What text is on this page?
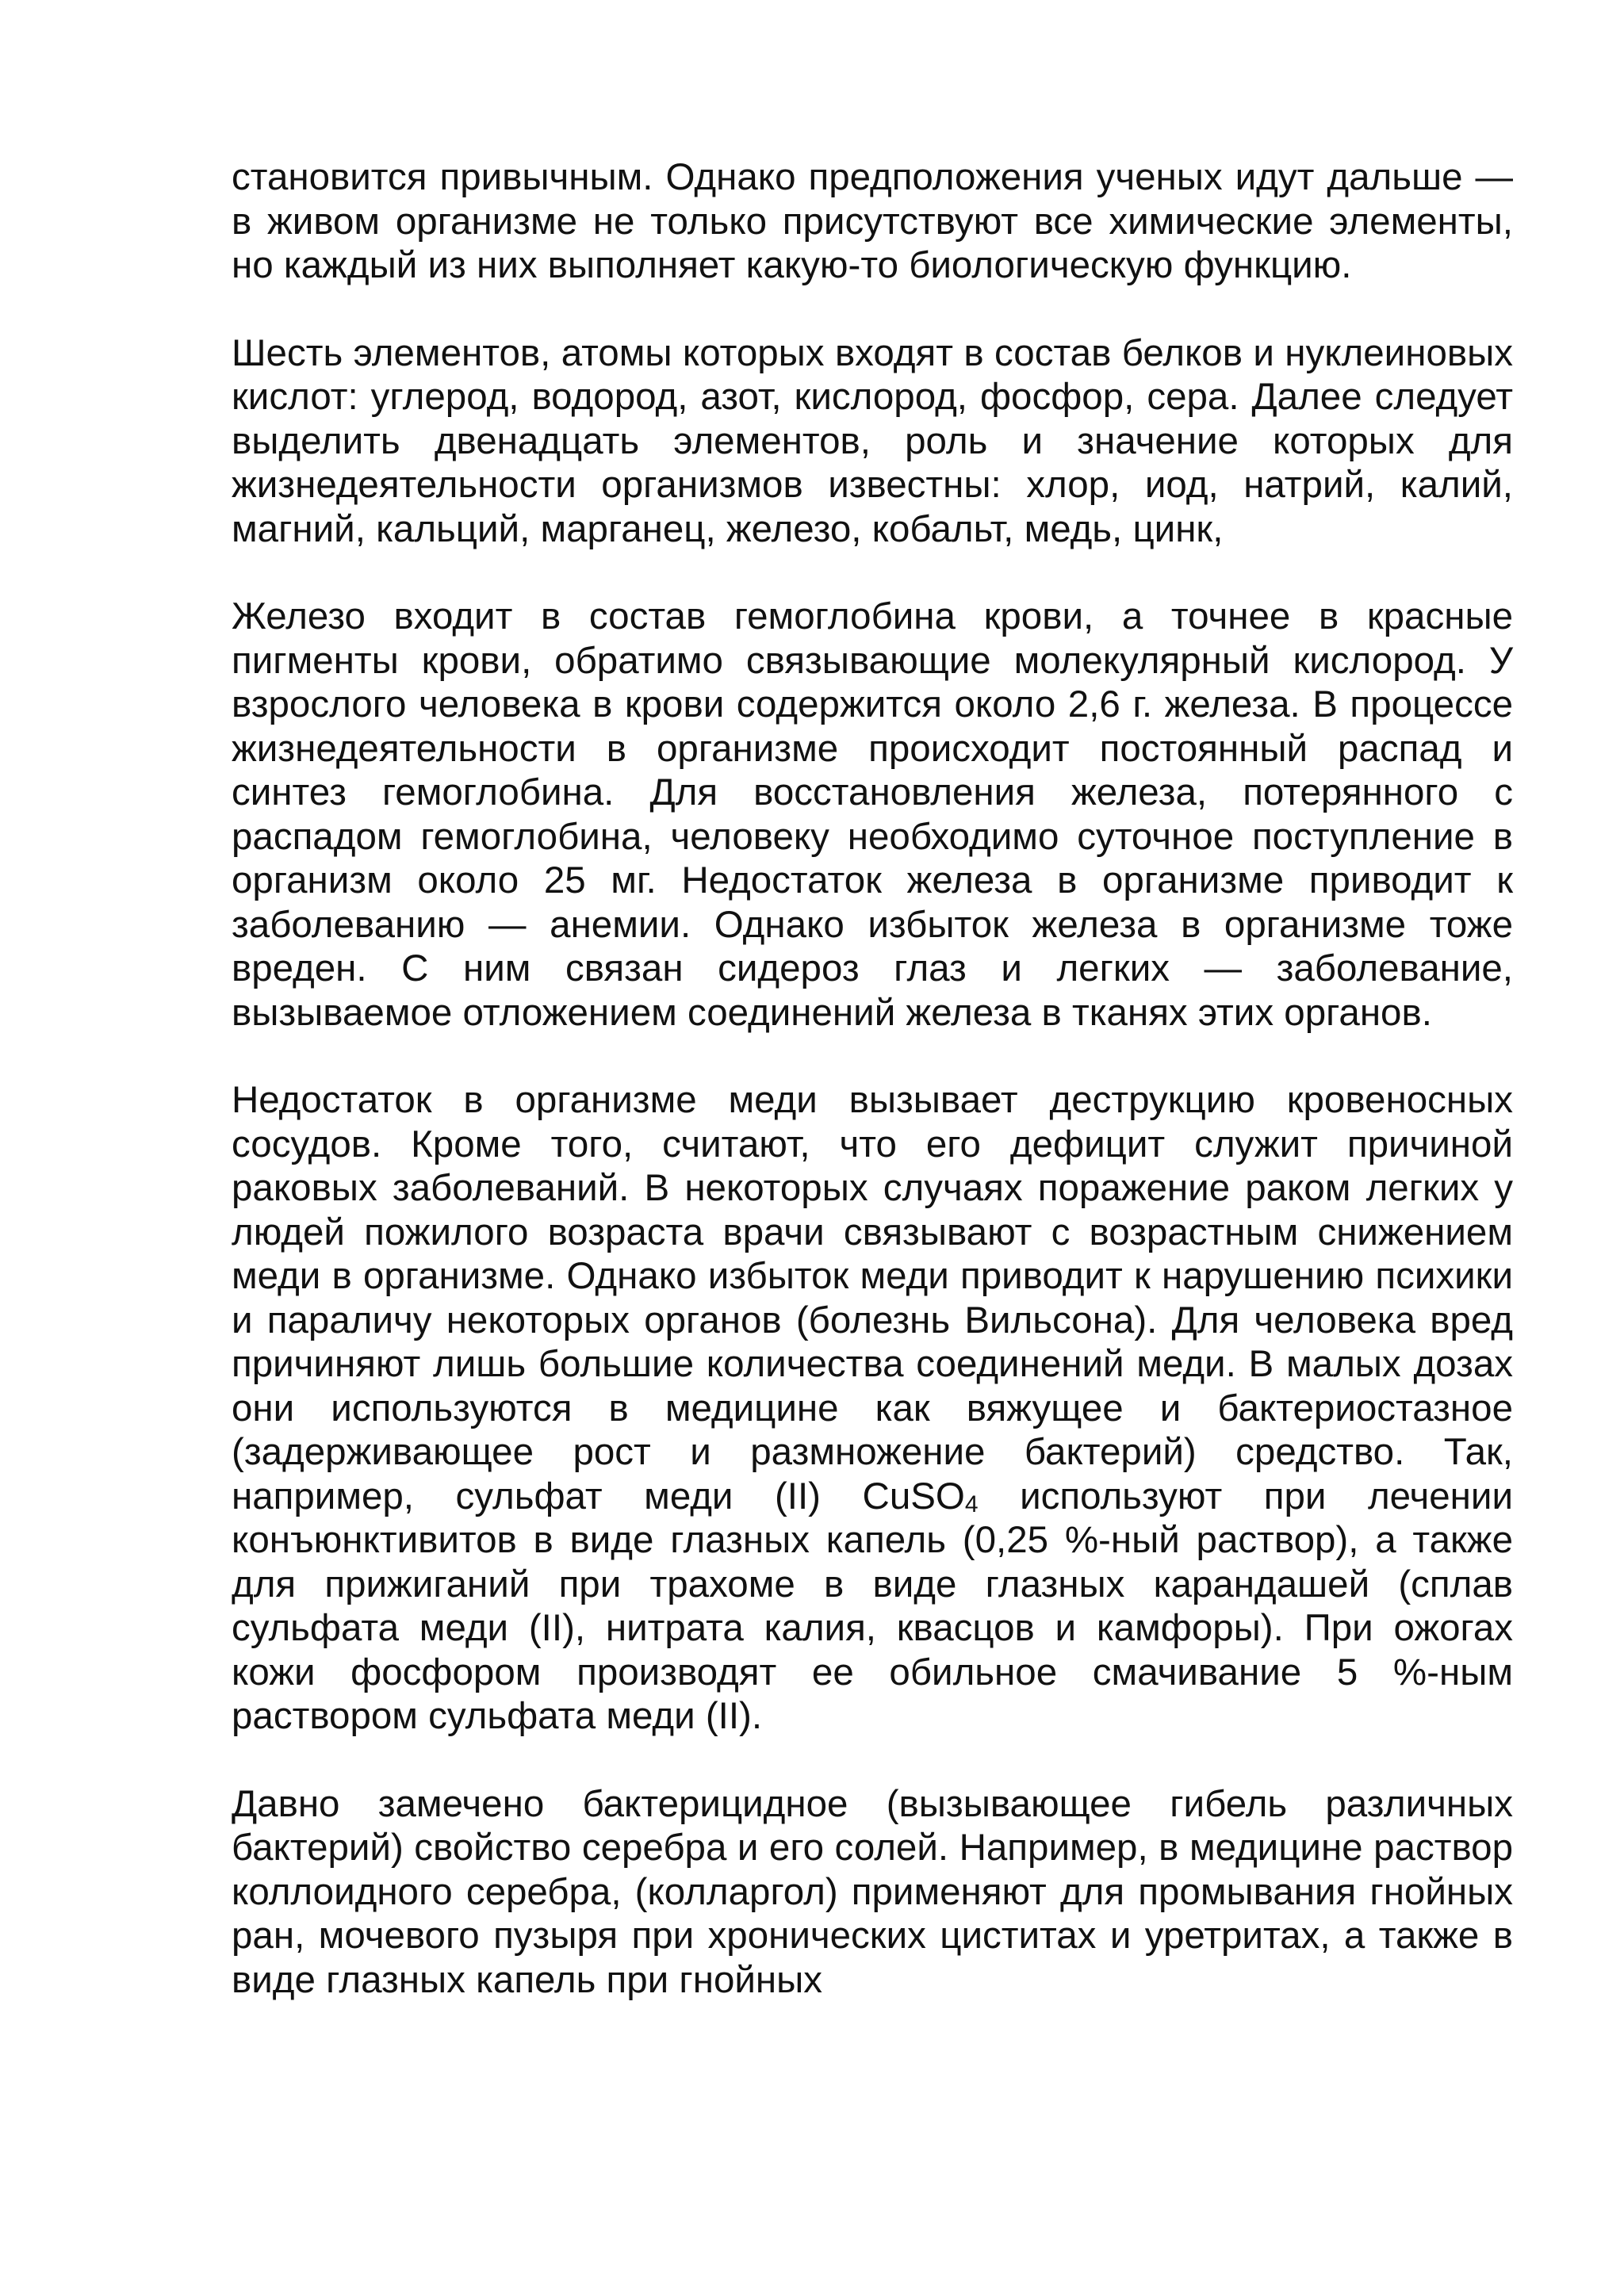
становится привычным. Однако предположения ученых идут дальше — в живом организме не только присутствуют все химические элементы, но каждый из них выполняет какую-то биологическую функцию.

Шесть элементов, атомы которых входят в состав белков и нуклеиновых кислот: углерод, водород, азот, кислород, фосфор, сера. Далее следует выделить двенадцать элементов, роль и значение которых для жизнедеятельности организмов известны: хлор, иод, натрий, калий, магний, кальций, марганец, железо, кобальт, медь, цинк,

Железо входит в состав гемоглобина крови, а точнее в красные пигменты крови, обратимо связывающие молекулярный кислород. У взрослого человека в крови содержится около 2,6 г. железа. В процессе жизнедеятельности в организме происходит постоянный распад и синтез гемоглобина. Для восстановления железа, потерянного с распадом гемоглобина, человеку необходимо суточное поступление в организм около 25 мг. Недостаток железа в организме приводит к заболеванию — анемии. Однако избыток железа в организме тоже вреден. С ним связан сидероз глаз и легких — заболевание, вызываемое отложением соединений железа в тканях этих органов.

Недостаток в организме меди вызывает деструкцию кровеносных сосудов. Кроме того, считают, что его дефицит служит причиной раковых заболеваний. В некоторых случаях поражение раком легких у людей пожилого возраста врачи связывают с возрастным снижением меди в организме. Однако избыток меди приводит к нарушению психики и параличу некоторых органов (болезнь Вильсона). Для человека вред причиняют лишь большие количества соединений меди. В малых дозах они используются в медицине как вяжущее и бактериостазное (задерживающее рост и размножение бактерий) средство. Так, например, сульфат меди (II) CuSO4 используют при лечении конъюнктивитов в виде глазных капель (0,25 %-ный раствор), а также для прижиганий при трахоме в виде глазных карандашей (сплав сульфата меди (II), нитрата калия, квасцов и камфоры). При ожогах кожи фосфором производят ее обильное смачивание 5 %-ным раствором сульфата меди (II).

Давно замечено бактерицидное (вызывающее гибель различных бактерий) свойство серебра и его солей. Например, в медицине раствор коллоидного серебра, (колларгол) применяют для промывания гнойных ран, мочевого пузыря при хронических циститах и уретритах, а также в виде глазных капель при гнойных
